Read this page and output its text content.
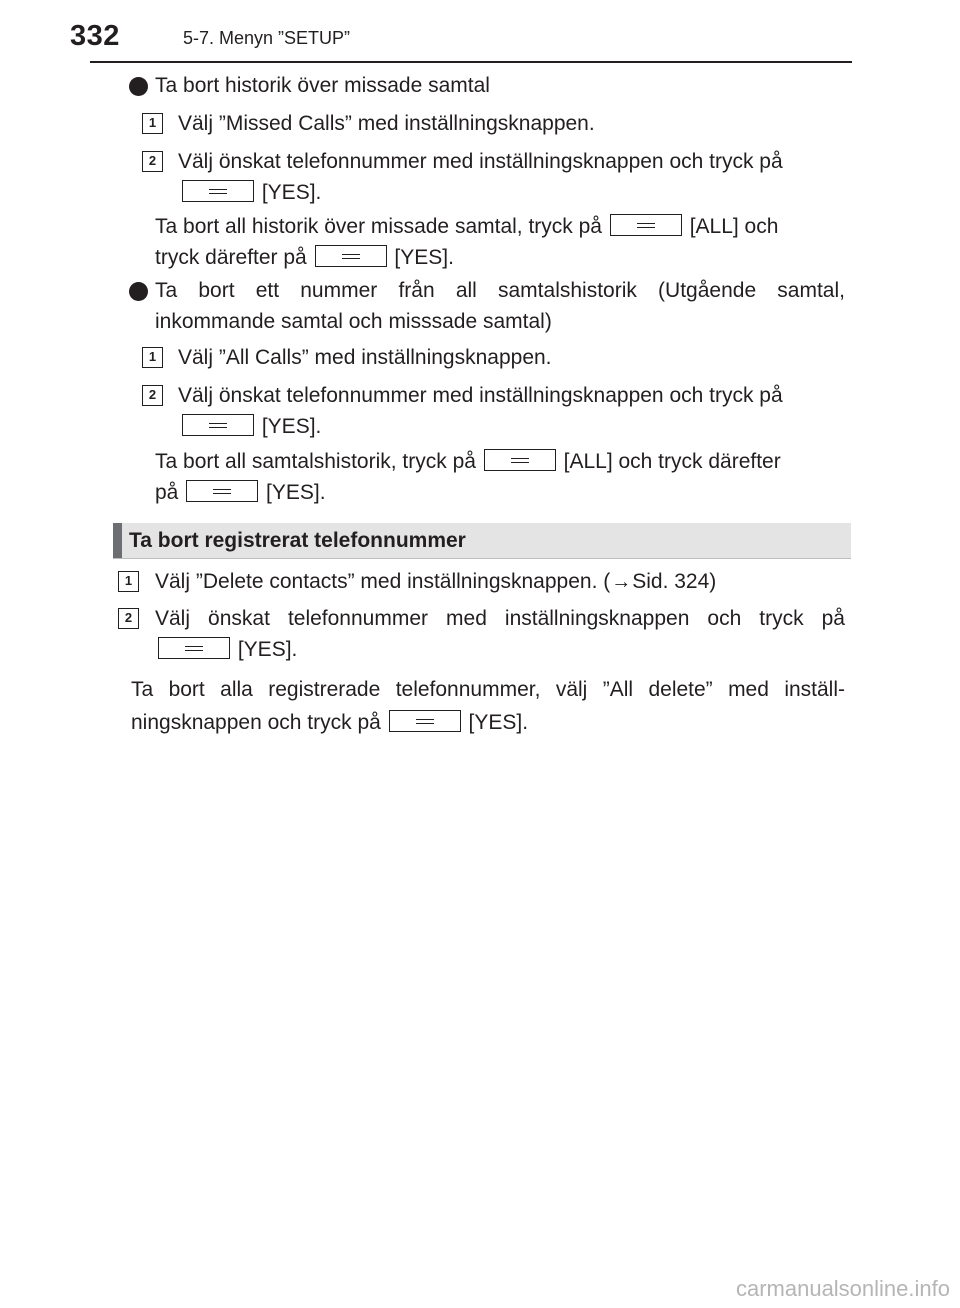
332	5-7. Menyn ”SETUP”
Ta bort historik över missade samtal
1	Välj ”Missed Calls” med inställningsknappen.
2	Välj önskat telefonnummer med inställningsknappen och tryck på
[YES].
Ta bort all historik över missade samtal, tryck på	[ALL] och
tryck därefter på	[YES].
Ta bort ett nummer från all samtalshistorik (Utgående samtal,
inkommande samtal och misssade samtal)
1	Välj ”All Calls” med inställningsknappen.
2	Välj önskat telefonnummer med inställningsknappen och tryck på
[YES].
Ta bort all samtalshistorik, tryck på	[ALL] och tryck därefter
på	[YES].
Ta bort registrerat telefonnummer
1	Välj ”Delete contacts” med inställningsknappen. (→Sid. 324)
2	Välj önskat telefonnummer med inställningsknappen och tryck på
[YES].
Ta bort alla registrerade telefonnummer, välj ”All delete” med inställ-
ningsknappen och tryck på	[YES].
carmanualsonline.info
